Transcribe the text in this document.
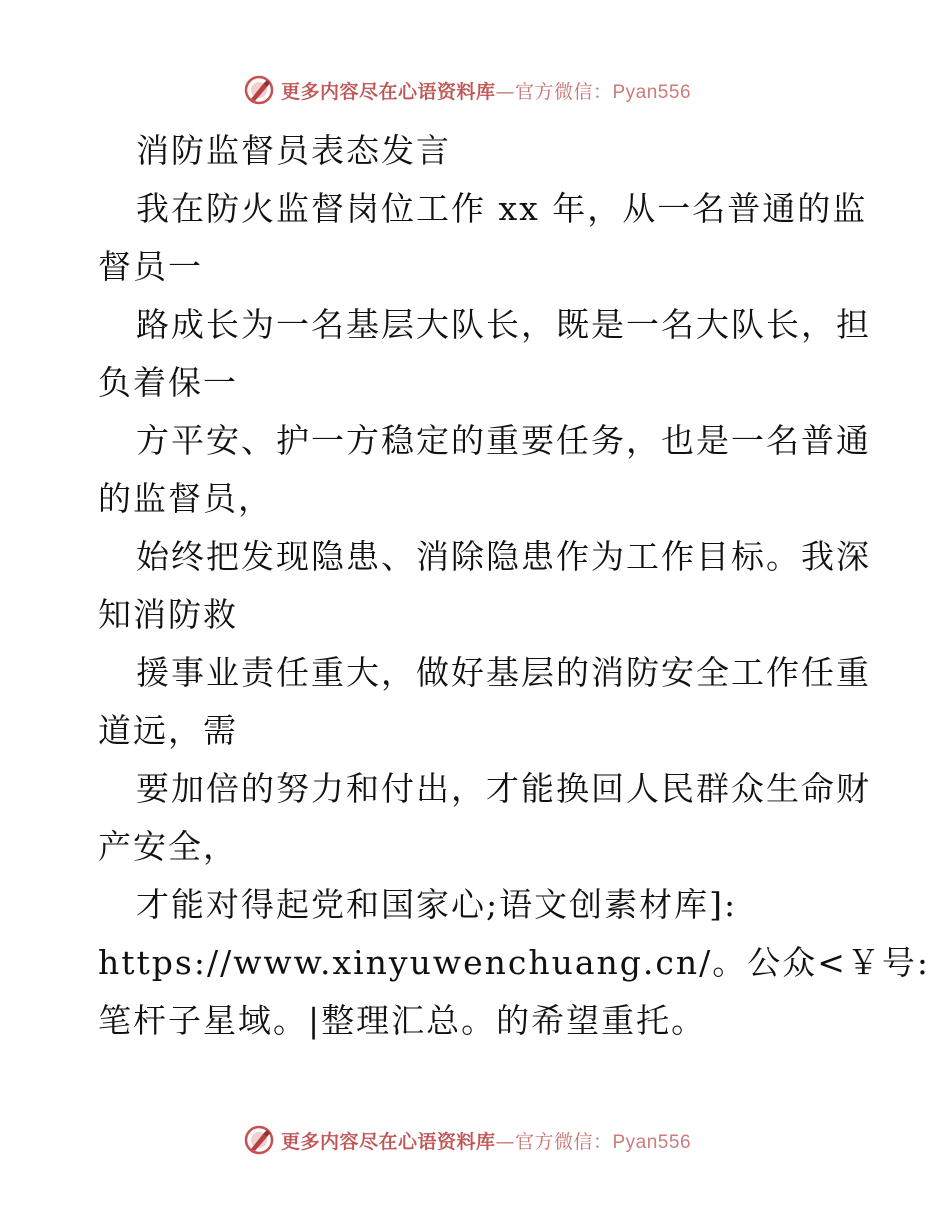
更多内容尽在心语资料库—官方微信：Pyan556
消防监督员表态发言
我在防火监督岗位工作 xx 年，从一名普通的监
督员一
路成长为一名基层大队长，既是一名大队长，担
负着保一
方平安、护一方稳定的重要任务，也是一名普通
的监督员，
始终把发现隐患、消除隐患作为工作目标。我深
知消防救
援事业责任重大，做好基层的消防安全工作任重
道远，需
要加倍的努力和付出，才能换回人民群众生命财
产安全，
才能对得起党和国家心;语文创素材库]:
https://www.xinyuwenchuang.cn/。公众<￥号:
笔杆子星域。|整理汇总。的希望重托。
更多内容尽在心语资料库—官方微信：Pyan556
